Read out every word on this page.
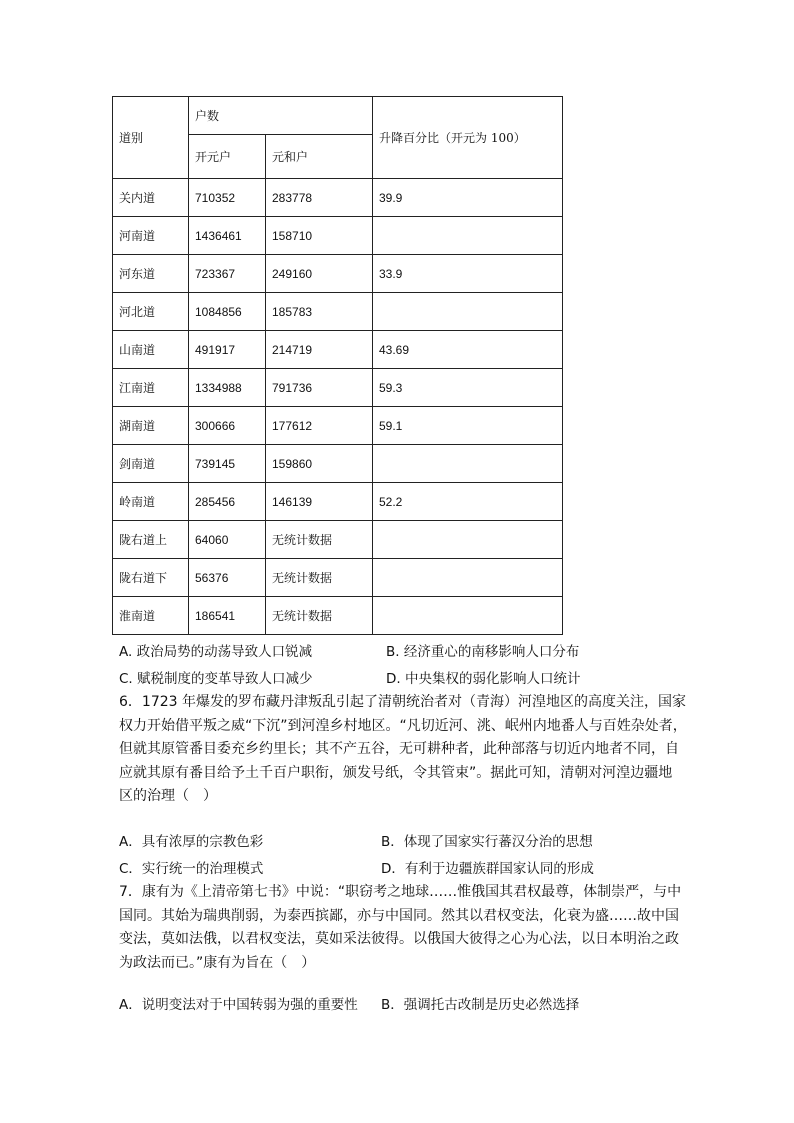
道别	户数		升降百分比（开元为 100）
	开元户	元和户	
关内道	710352	283778	39.9
河南道	1436461	158710	
河东道	723367	249160	33.9
河北道	1084856	185783	
山南道	491917	214719	43.69
江南道	1334988	791736	59.3
湖南道	300666	177612	59.1
剑南道	739145	159860	
岭南道	285456	146139	52.2
陇右道上	64060	无统计数据	
陇右道下	56376	无统计数据	
淮南道	186541	无统计数据	
A. 政治局势的动荡导致人口锐减	B. 经济重心的南移影响人口分布
C. 赋税制度的变革导致人口减少	D. 中央集权的弱化影响人口统计
6．1723 年爆发的罗布藏丹津叛乱引起了清朝统治者对（青海）河湟地区的高度关注，国家
权力开始借平叛之威“下沉”到河湟乡村地区。“凡切近河、洮、岷州内地番人与百姓杂处者，
但就其原管番目委充乡约里长；其不产五谷，无可耕种者，此种部落与切近内地者不同，自
应就其原有番目给予土千百户职衔，颁发号纸，令其管束”。据此可知，清朝对河湟边疆地
区的治理（　）
A．具有浓厚的宗教色彩	B．体现了国家实行蕃汉分治的思想
C．实行统一的治理模式	D．有利于边疆族群国家认同的形成
7．康有为《上清帝第七书》中说：“职窃考之地球……惟俄国其君权最尊，体制崇严，与中
国同。其始为瑞典削弱，为泰西摈鄙，亦与中国同。然其以君权变法，化衰为盛……故中国
变法，莫如法俄，以君权变法，莫如采法彼得。以俄国大彼得之心为心法，以日本明治之政
为政法而已。”康有为旨在（　）
A．说明变法对于中国转弱为强的重要性 B．强调托古改制是历史必然选择
